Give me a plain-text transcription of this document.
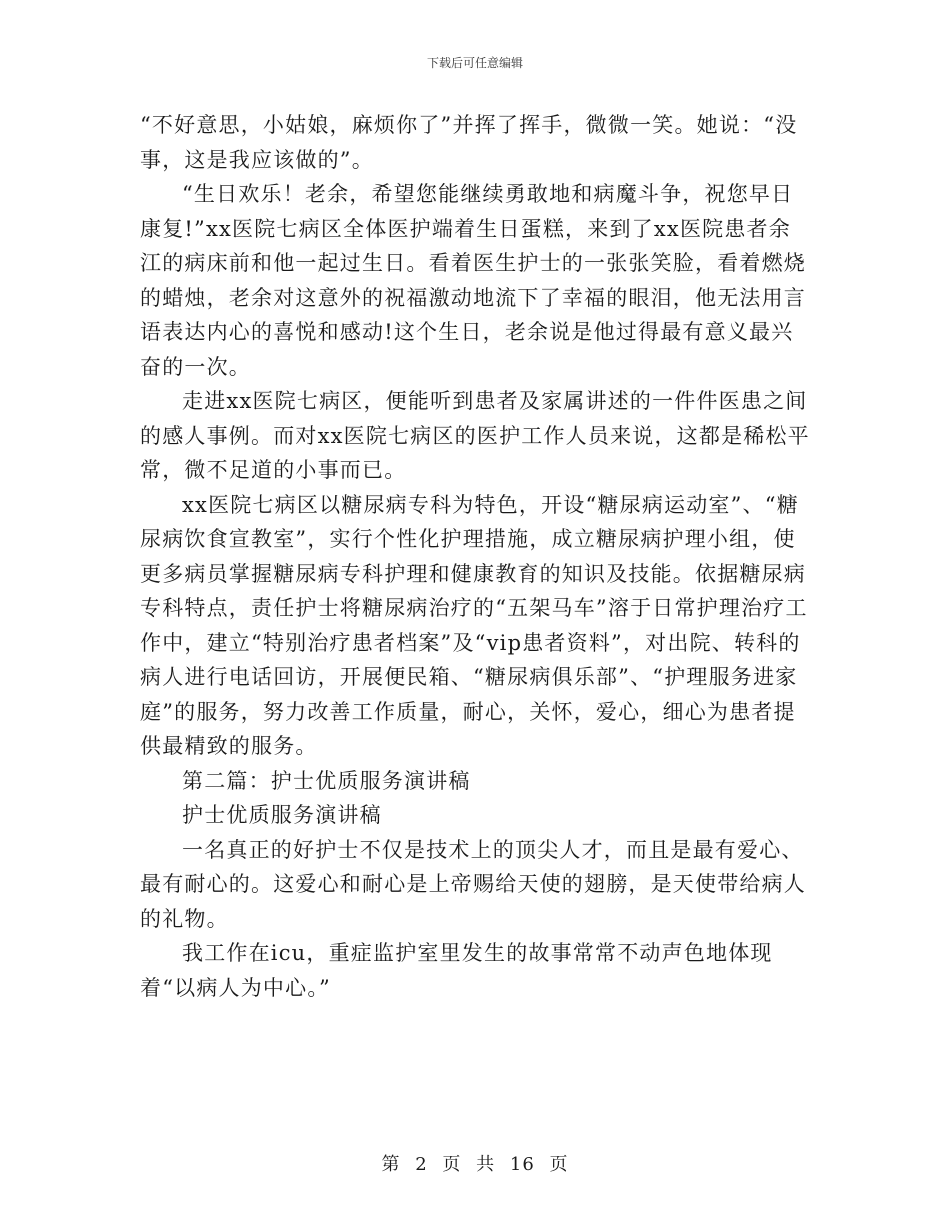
下载后可任意编辑

“不好意思，小姑娘，麻烦你了”并挥了挥手，微微一笑。她说：“没事，这是我应该做的”。

“生日欢乐！老余，希望您能继续勇敢地和病魔斗争，祝您早日康复!”xx医院七病区全体医护端着生日蛋糕，来到了xx医院患者余江的病床前和他一起过生日。看着医生护士的一张张笑脸，看着燃烧的蜡烛，老余对这意外的祝福激动地流下了幸福的眼泪，他无法用言语表达内心的喜悦和感动!这个生日，老余说是他过得最有意义最兴奋的一次。

走进xx医院七病区，便能听到患者及家属讲述的一件件医患之间的感人事例。而对xx医院七病区的医护工作人员来说，这都是稀松平常，微不足道的小事而已。

xx医院七病区以糖尿病专科为特色，开设“糖尿病运动室”、“糖尿病饮食宣教室”，实行个性化护理措施，成立糖尿病护理小组，使更多病员掌握糖尿病专科护理和健康教育的知识及技能。依据糖尿病专科特点，责任护士将糖尿病治疗的“五架马车”溶于日常护理治疗工作中，建立“特别治疗患者档案”及“vip患者资料”，对出院、转科的病人进行电话回访，开展便民箱、“糖尿病俱乐部”、“护理服务进家庭”的服务，努力改善工作质量，耐心，关怀，爱心，细心为患者提供最精致的服务。

第二篇：护士优质服务演讲稿

护士优质服务演讲稿

一名真正的好护士不仅是技术上的顶尖人才，而且是最有爱心、最有耐心的。这爱心和耐心是上帝赐给天使的翅膀，是天使带给病人的礼物。

我工作在icu，重症监护室里发生的故事常常不动声色地体现着“以病人为中心。”

第 2 页 共 16 页
